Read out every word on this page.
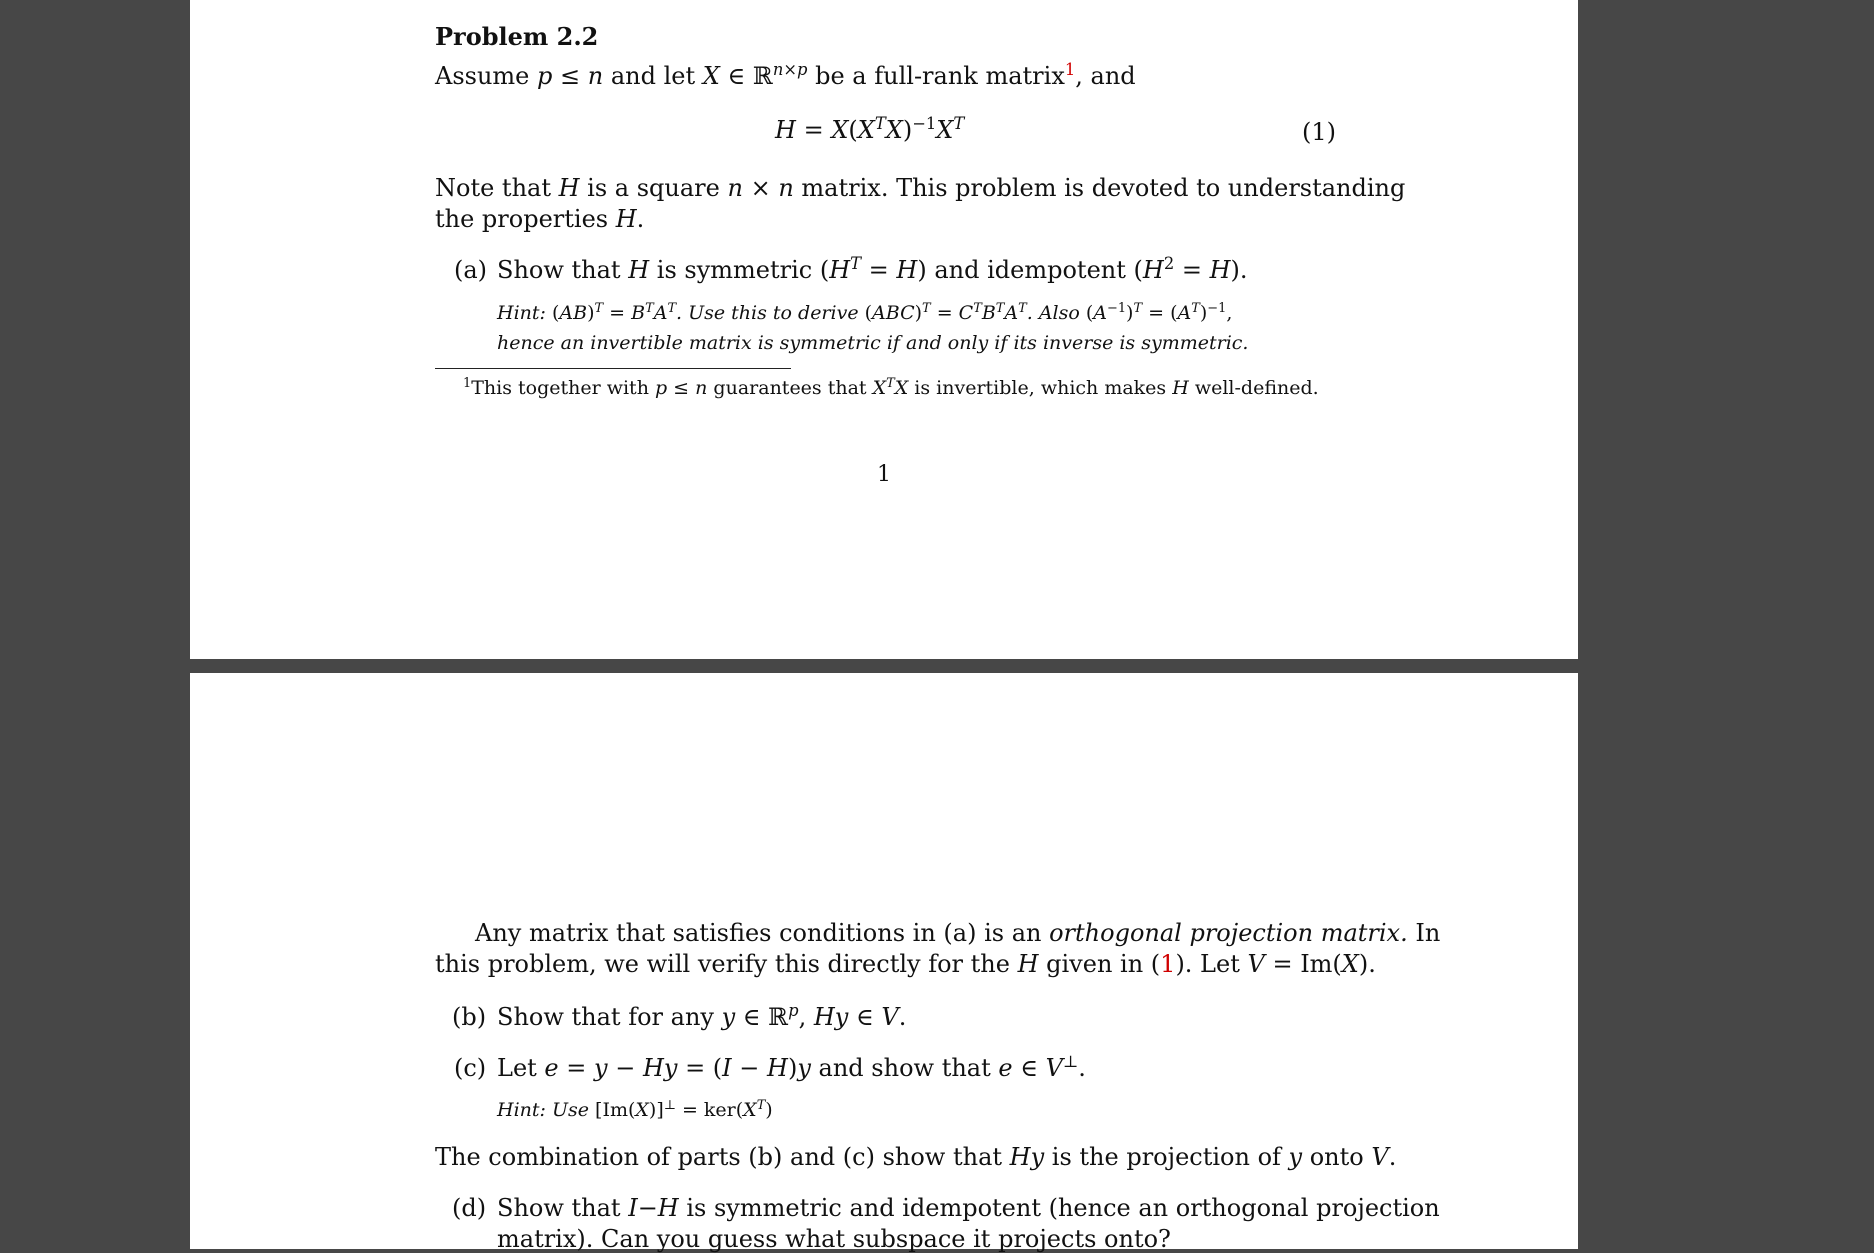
Problem 2.2
Assume p ≤ n and let X ∈ ℝ$^{n\times p}$ be a full-rank matrix$^1$, and
$H = X(X^TX)^{-1}X^T$	(1)
Note that H is a square n × n matrix. This problem is devoted to understanding
the properties H.
(a) Show that H is symmetric $(H^T = H)$ and idempotent $(H^2 = H)$.
Hint: $(AB)^T = B^TA^T$. Use this to derive $(ABC)^T = C^TB^TA^T$. Also $(A^{-1})^T = (A^T)^{-1}$,
hence an invertible matrix is symmetric if and only if its inverse is symmetric.
$^1$This together with p ≤ n guarantees that $X^TX$ is invertible, which makes H well-defined.
1
Any matrix that satisfies conditions in (a) is an orthogonal projection matrix. In
this problem, we will verify this directly for the H given in (1). Let V = Im(X).
(b) Show that for any y ∈ ℝ$^p$, Hy ∈ V.
(c) Let e = y − Hy = (I − H)y and show that e ∈ V⊥.
Hint: Use $[Im(X)]^\perp = ker(X^T)$
The combination of parts (b) and (c) show that Hy is the projection of y onto V.
(d) Show that I−H is symmetric and idempotent (hence an orthogonal projection
matrix). Can you guess what subspace it projects onto?
